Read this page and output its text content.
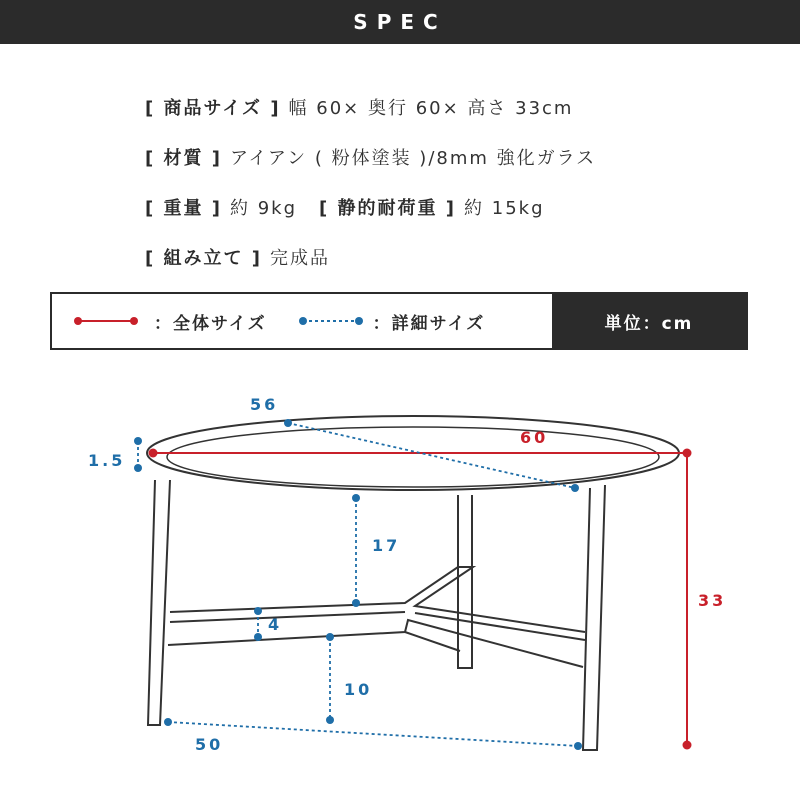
SPEC
[ 商品サイズ ] 幅 60× 奥行 60× 高さ 33cm
[ 材質 ] アイアン ( 粉体塗装 )/8mm 強化ガラス
[ 重量 ] 約 9kg [ 静的耐荷重 ] 約 15kg
[ 組み立て ] 完成品
：全体サイズ	：詳細サイズ	単位：cm
60
33
56
1.5
17
4
10
50
